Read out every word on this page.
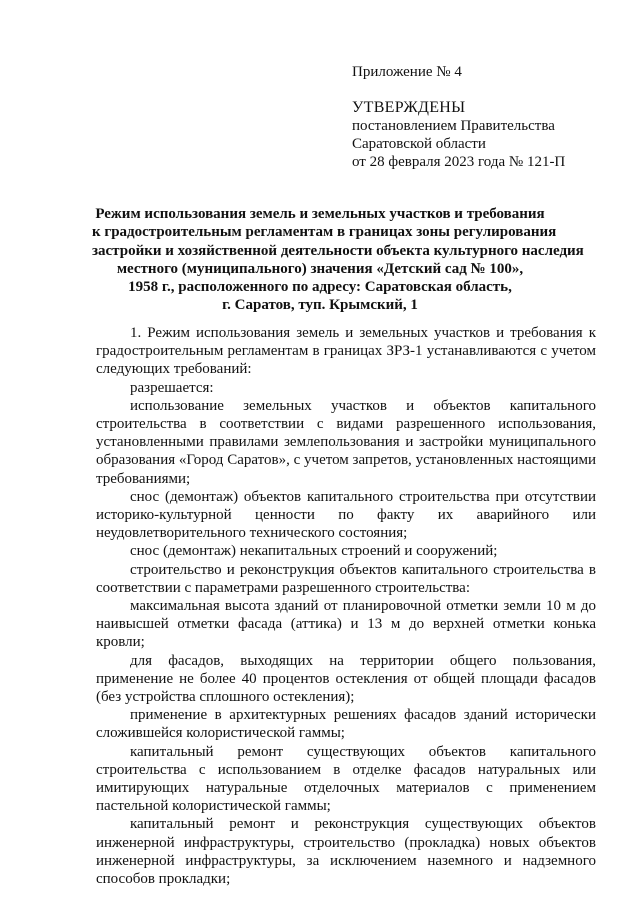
Приложение № 4
УТВЕРЖДЕНЫ
постановлением Правительства
Саратовской области
от 28 февраля 2023 года № 121-П
Режим использования земель и земельных участков и требования
к градостроительным регламентам в границах зоны регулирования
застройки и хозяйственной деятельности объекта культурного наследия
местного (муниципального) значения «Детский сад № 100»,
1958 г., расположенного по адресу: Саратовская область,
г. Саратов, туп. Крымский, 1

1. Режим использования земель и земельных участков и требования к градостроительным регламентам в границах ЗРЗ-1 устанавливаются с учетом следующих требований:

разрешается:

использование земельных участков и объектов капитального строительства в соответствии с видами разрешенного использования, установленными правилами землепользования и застройки муниципального образования «Город Саратов», с учетом запретов, установленных настоящими требованиями;

снос (демонтаж) объектов капитального строительства при отсутствии историко-культурной ценности по факту их аварийного или неудовлетворительного технического состояния;

снос (демонтаж) некапитальных строений и сооружений;

строительство и реконструкция объектов капитального строительства в соответствии с параметрами разрешенного строительства:

максимальная высота зданий от планировочной отметки земли 10 м до наивысшей отметки фасада (аттика) и 13 м до верхней отметки конька кровли;

для фасадов, выходящих на территории общего пользования, применение не более 40 процентов остекления от общей площади фасадов (без устройства сплошного остекления);

применение в архитектурных решениях фасадов зданий исторически сложившейся колористической гаммы;

капитальный ремонт существующих объектов капитального строительства с использованием в отделке фасадов натуральных или имитирующих натуральные отделочных материалов с применением пастельной колористической гаммы;

капитальный ремонт и реконструкция существующих объектов инженерной инфраструктуры, строительство (прокладка) новых объектов инженерной инфраструктуры, за исключением наземного и надземного способов прокладки;
